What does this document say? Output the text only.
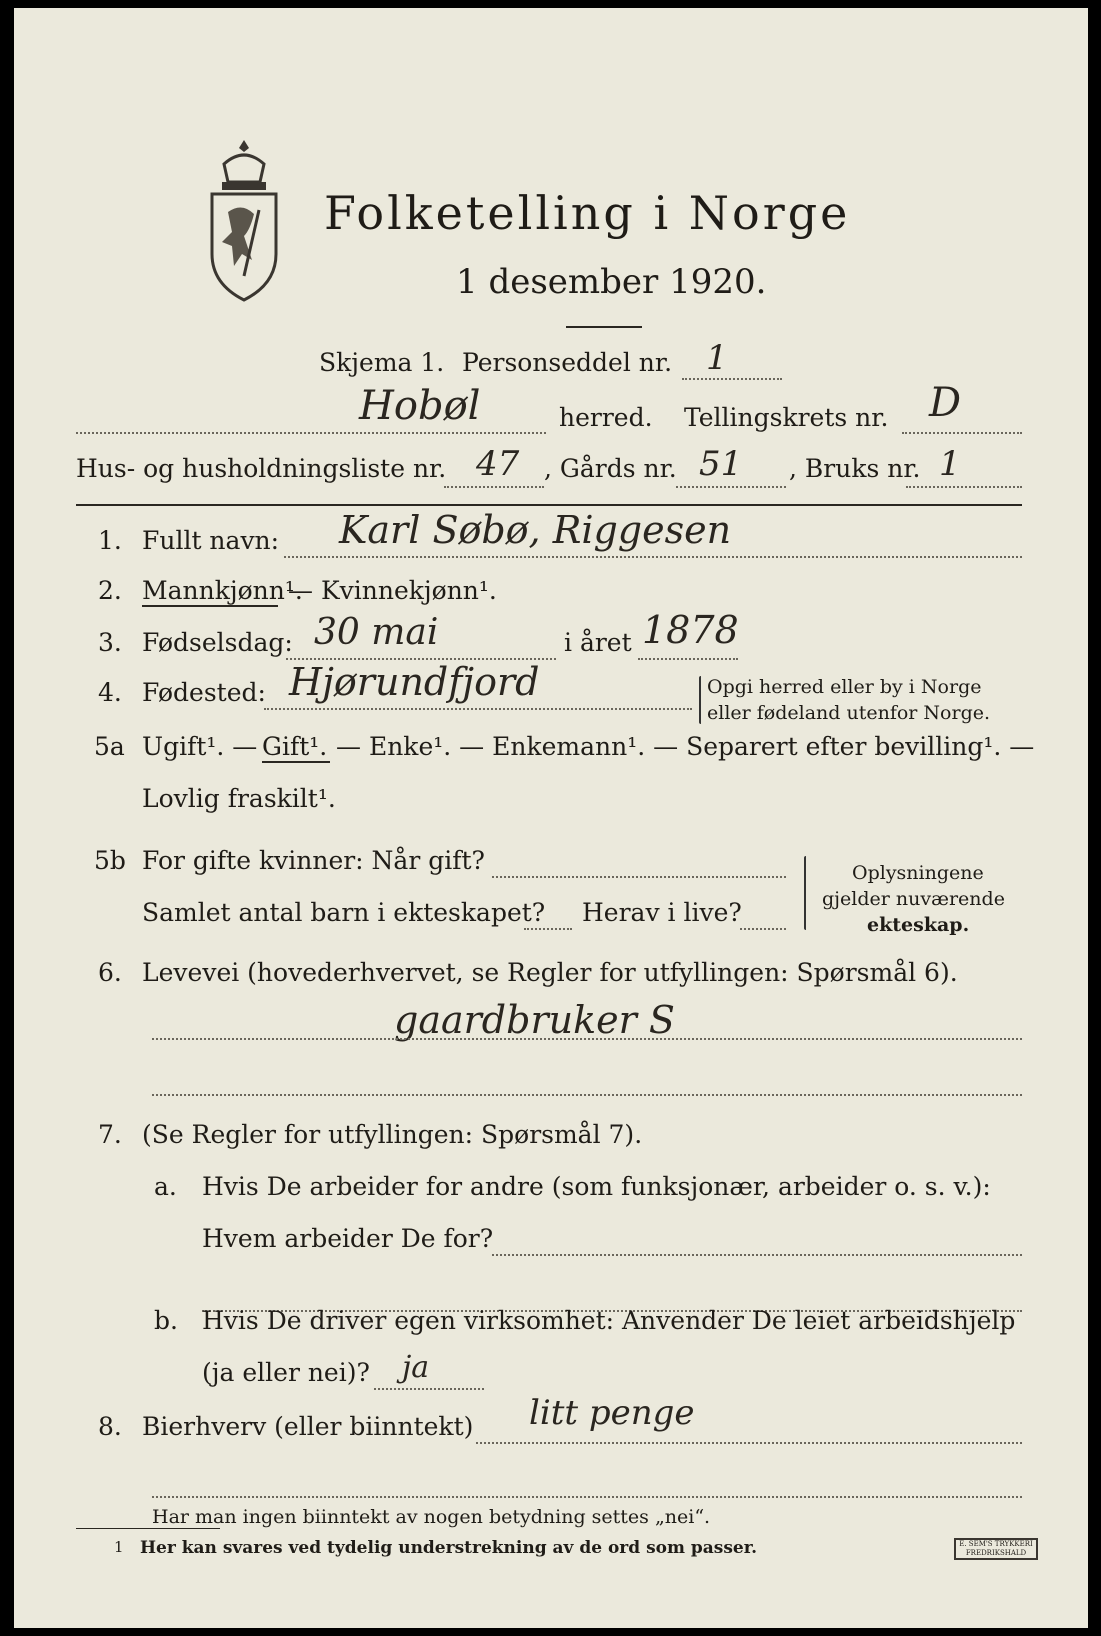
Folketelling i Norge
1 desember 1920.
Skjema 1. Personseddel nr. 1
Hobøl	herred. Tellingskrets nr. D
Hus- og husholdningsliste nr. 47 , Gårds nr. 51 , Bruks nr. 1
1. Fullt navn: Karl Søbø, Riggesen
2. Mannkjønn¹.
— Kvinnekjønn¹.
3. Fødselsdag: 30 mai	i året 1878
4. Fødested: Hjørundfjord	Opgi herred eller by i Norge
eller fødeland utenfor Norge.
5a Ugift¹. — Gift¹. — Enke¹. — Enkemann¹. — Separert efter bevilling¹. —
Lovlig fraskilt¹.
5b For gifte kvinner: Når gift?
Samlet antal barn i ekteskapet? Herav i live?
Oplysningene
gjelder nuværende
ekteskap.
6. Levevei (hovederhvervet, se Regler for utfyllingen: Spørsmål 6).
gaardbruker S
7. (Se Regler for utfyllingen: Spørsmål 7).
a. Hvis De arbeider for andre (som funksjonær, arbeider o. s. v.):
Hvem arbeider De for?
b. Hvis De driver egen virksomhet: Anvender De leiet arbeidshjelp
(ja eller nei)? ja
8. Bierhverv (eller biinntekt) litt penge
Har man ingen biinntekt av nogen betydning settes „nei“.
1 Her kan svares ved tydelig understrekning av de ord som passer.	E. SEM'S TRYKKERI FREDRIKSHALD
